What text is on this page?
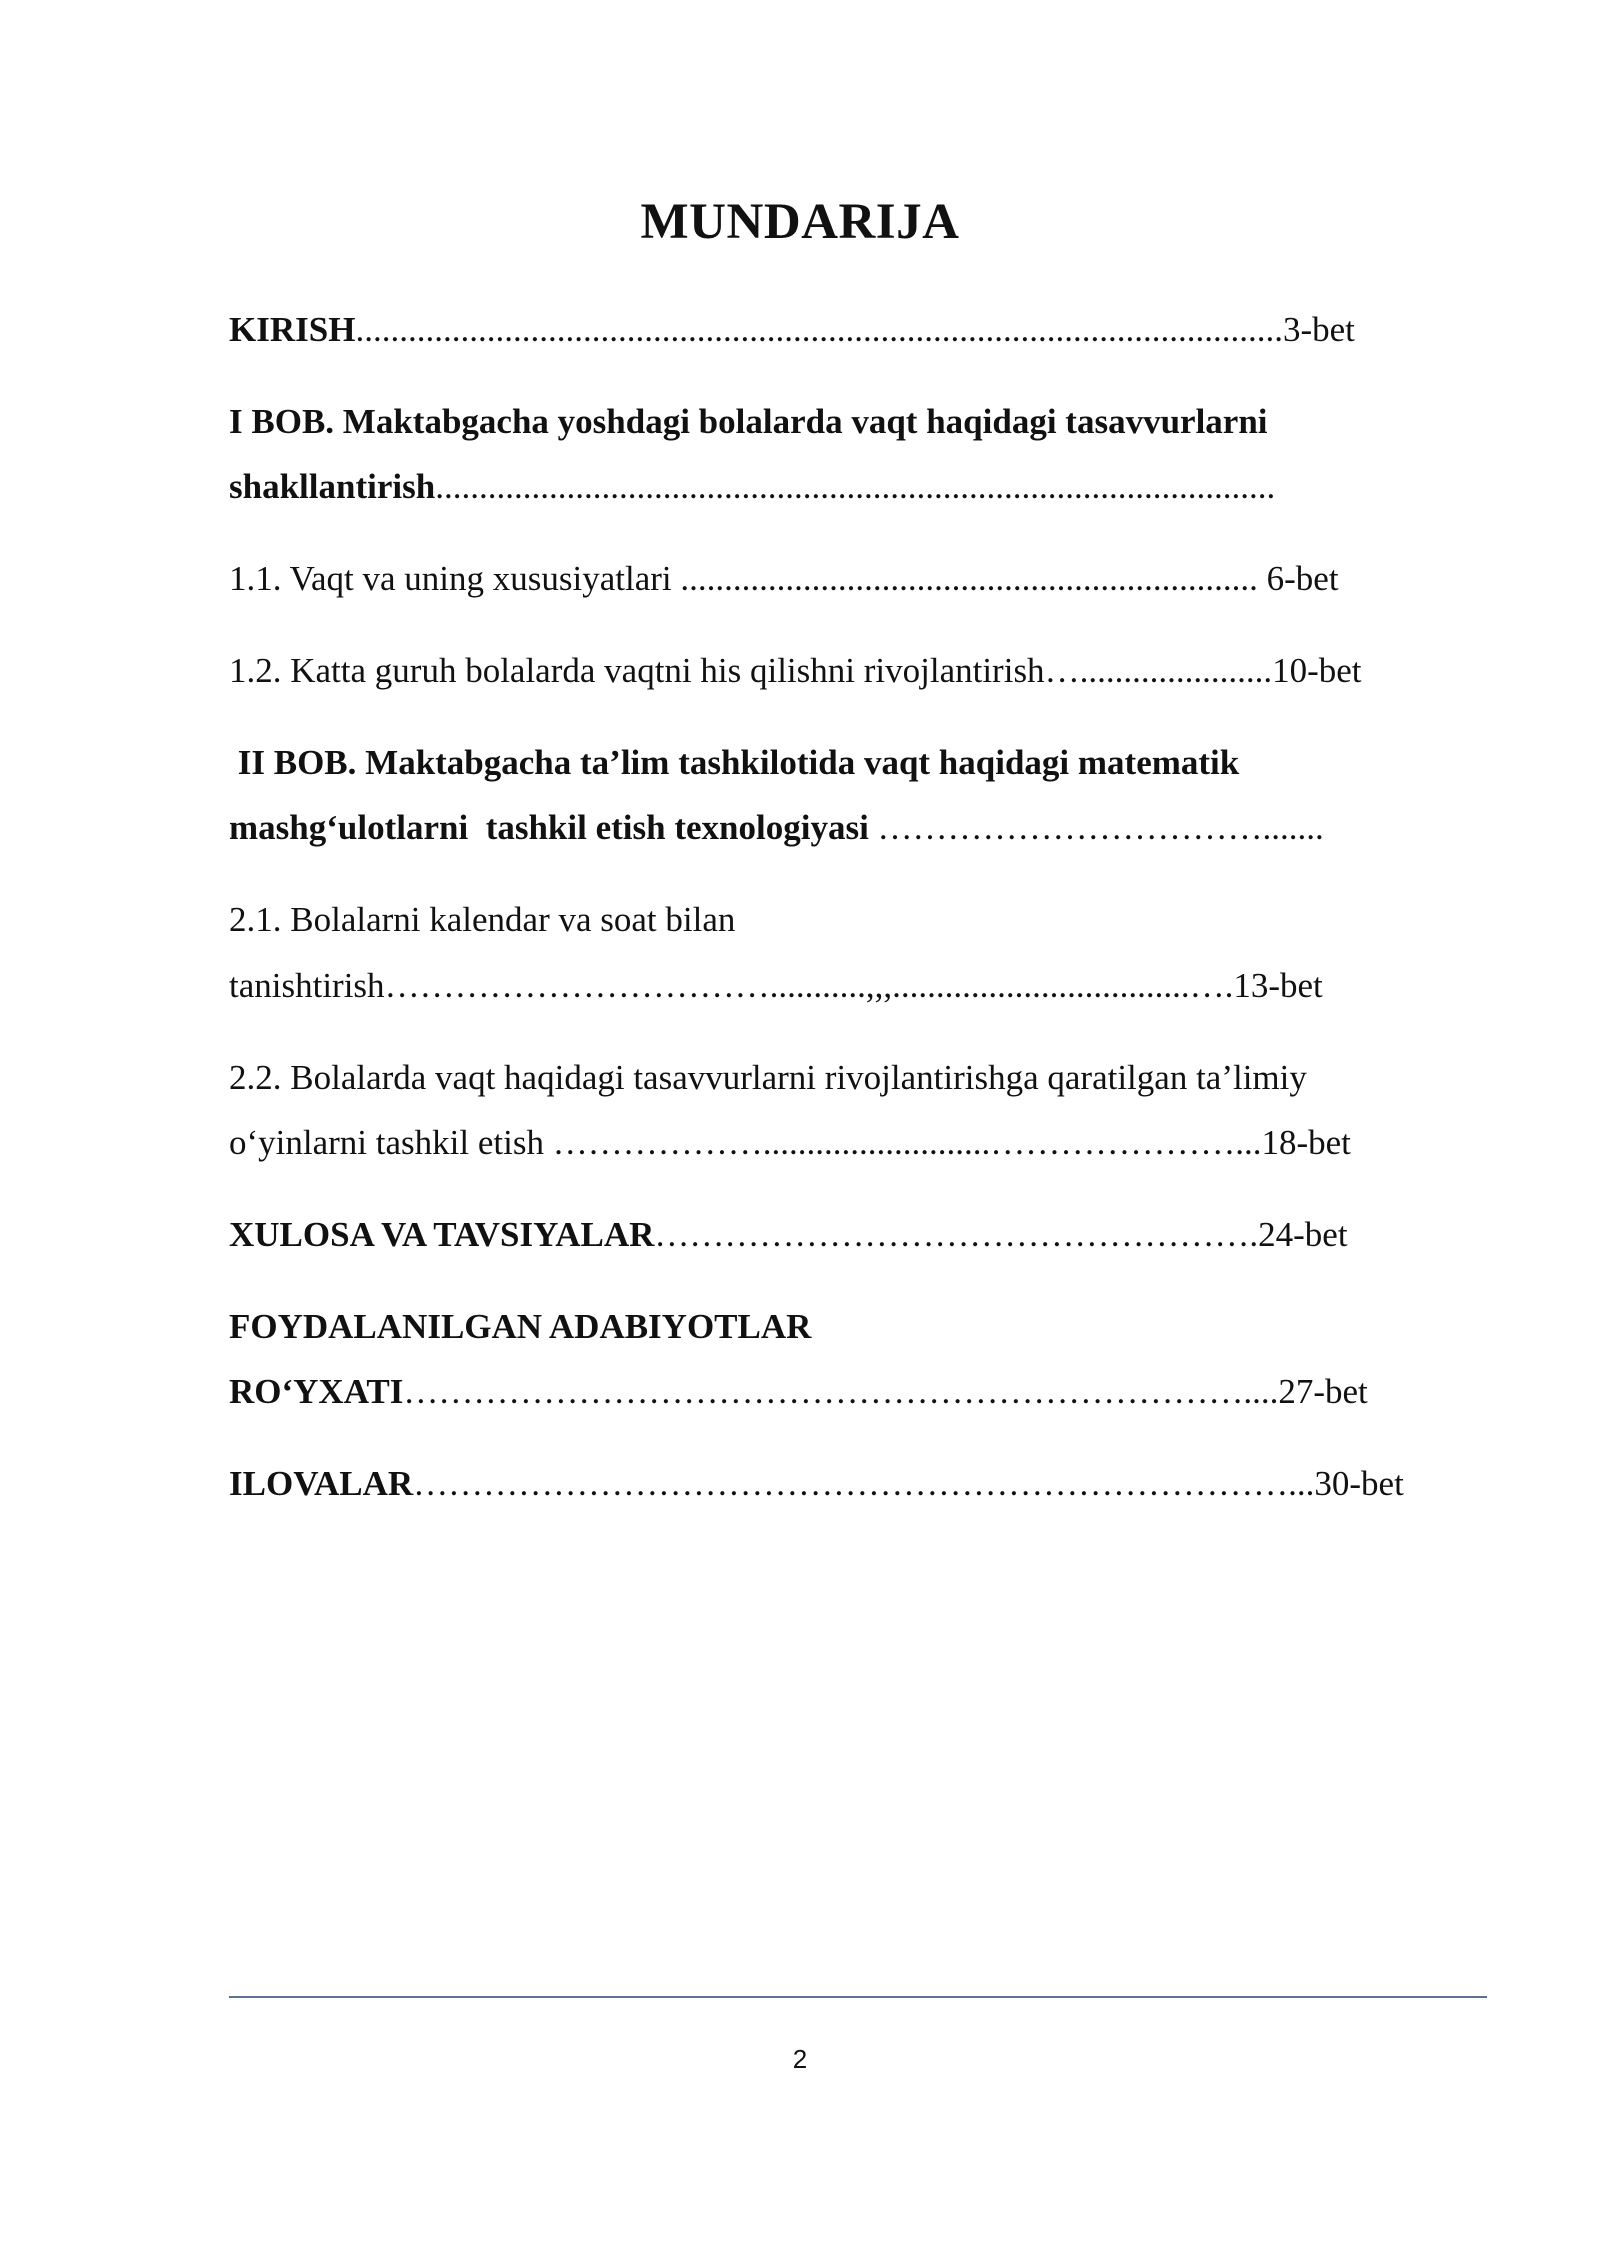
MUNDARIJA
KIRISH..........................................................................................................3-bet
I BOB. Maktabgacha yoshdagi bolalarda vaqt haqidagi tasavvurlarni
shakllantirish................................................................................................
1.1. Vaqt va uning xususiyatlari .................................................................. 6-bet
1.2. Katta guruh bolalarda vaqtni his qilishni rivojlantirish…......................10-bet
II BOB. Maktabgacha ta’lim tashkilotida vaqt haqidagi matematik
mashg‘ulotlarni  tashkil etish texnologiyasi …………………………….......
2.1. Bolalarni kalendar va soat bilan
tanishtirish……………………………...........,,,..................................….13-bet
2.2. Bolalarda vaqt haqidagi tasavvurlarni rivojlantirishga qaratilgan ta’limiy
o‘yinlarni tashkil etish ………………..........................…………………...18-bet
XULOSA VA TAVSIYALAR…………………………………………….24-bet
FOYDALANILGAN ADABIYOTLAR
RO‘YXATI………………………………………………………………....27-bet
ILOVALAR…………………………………………………………………...30-bet
2
